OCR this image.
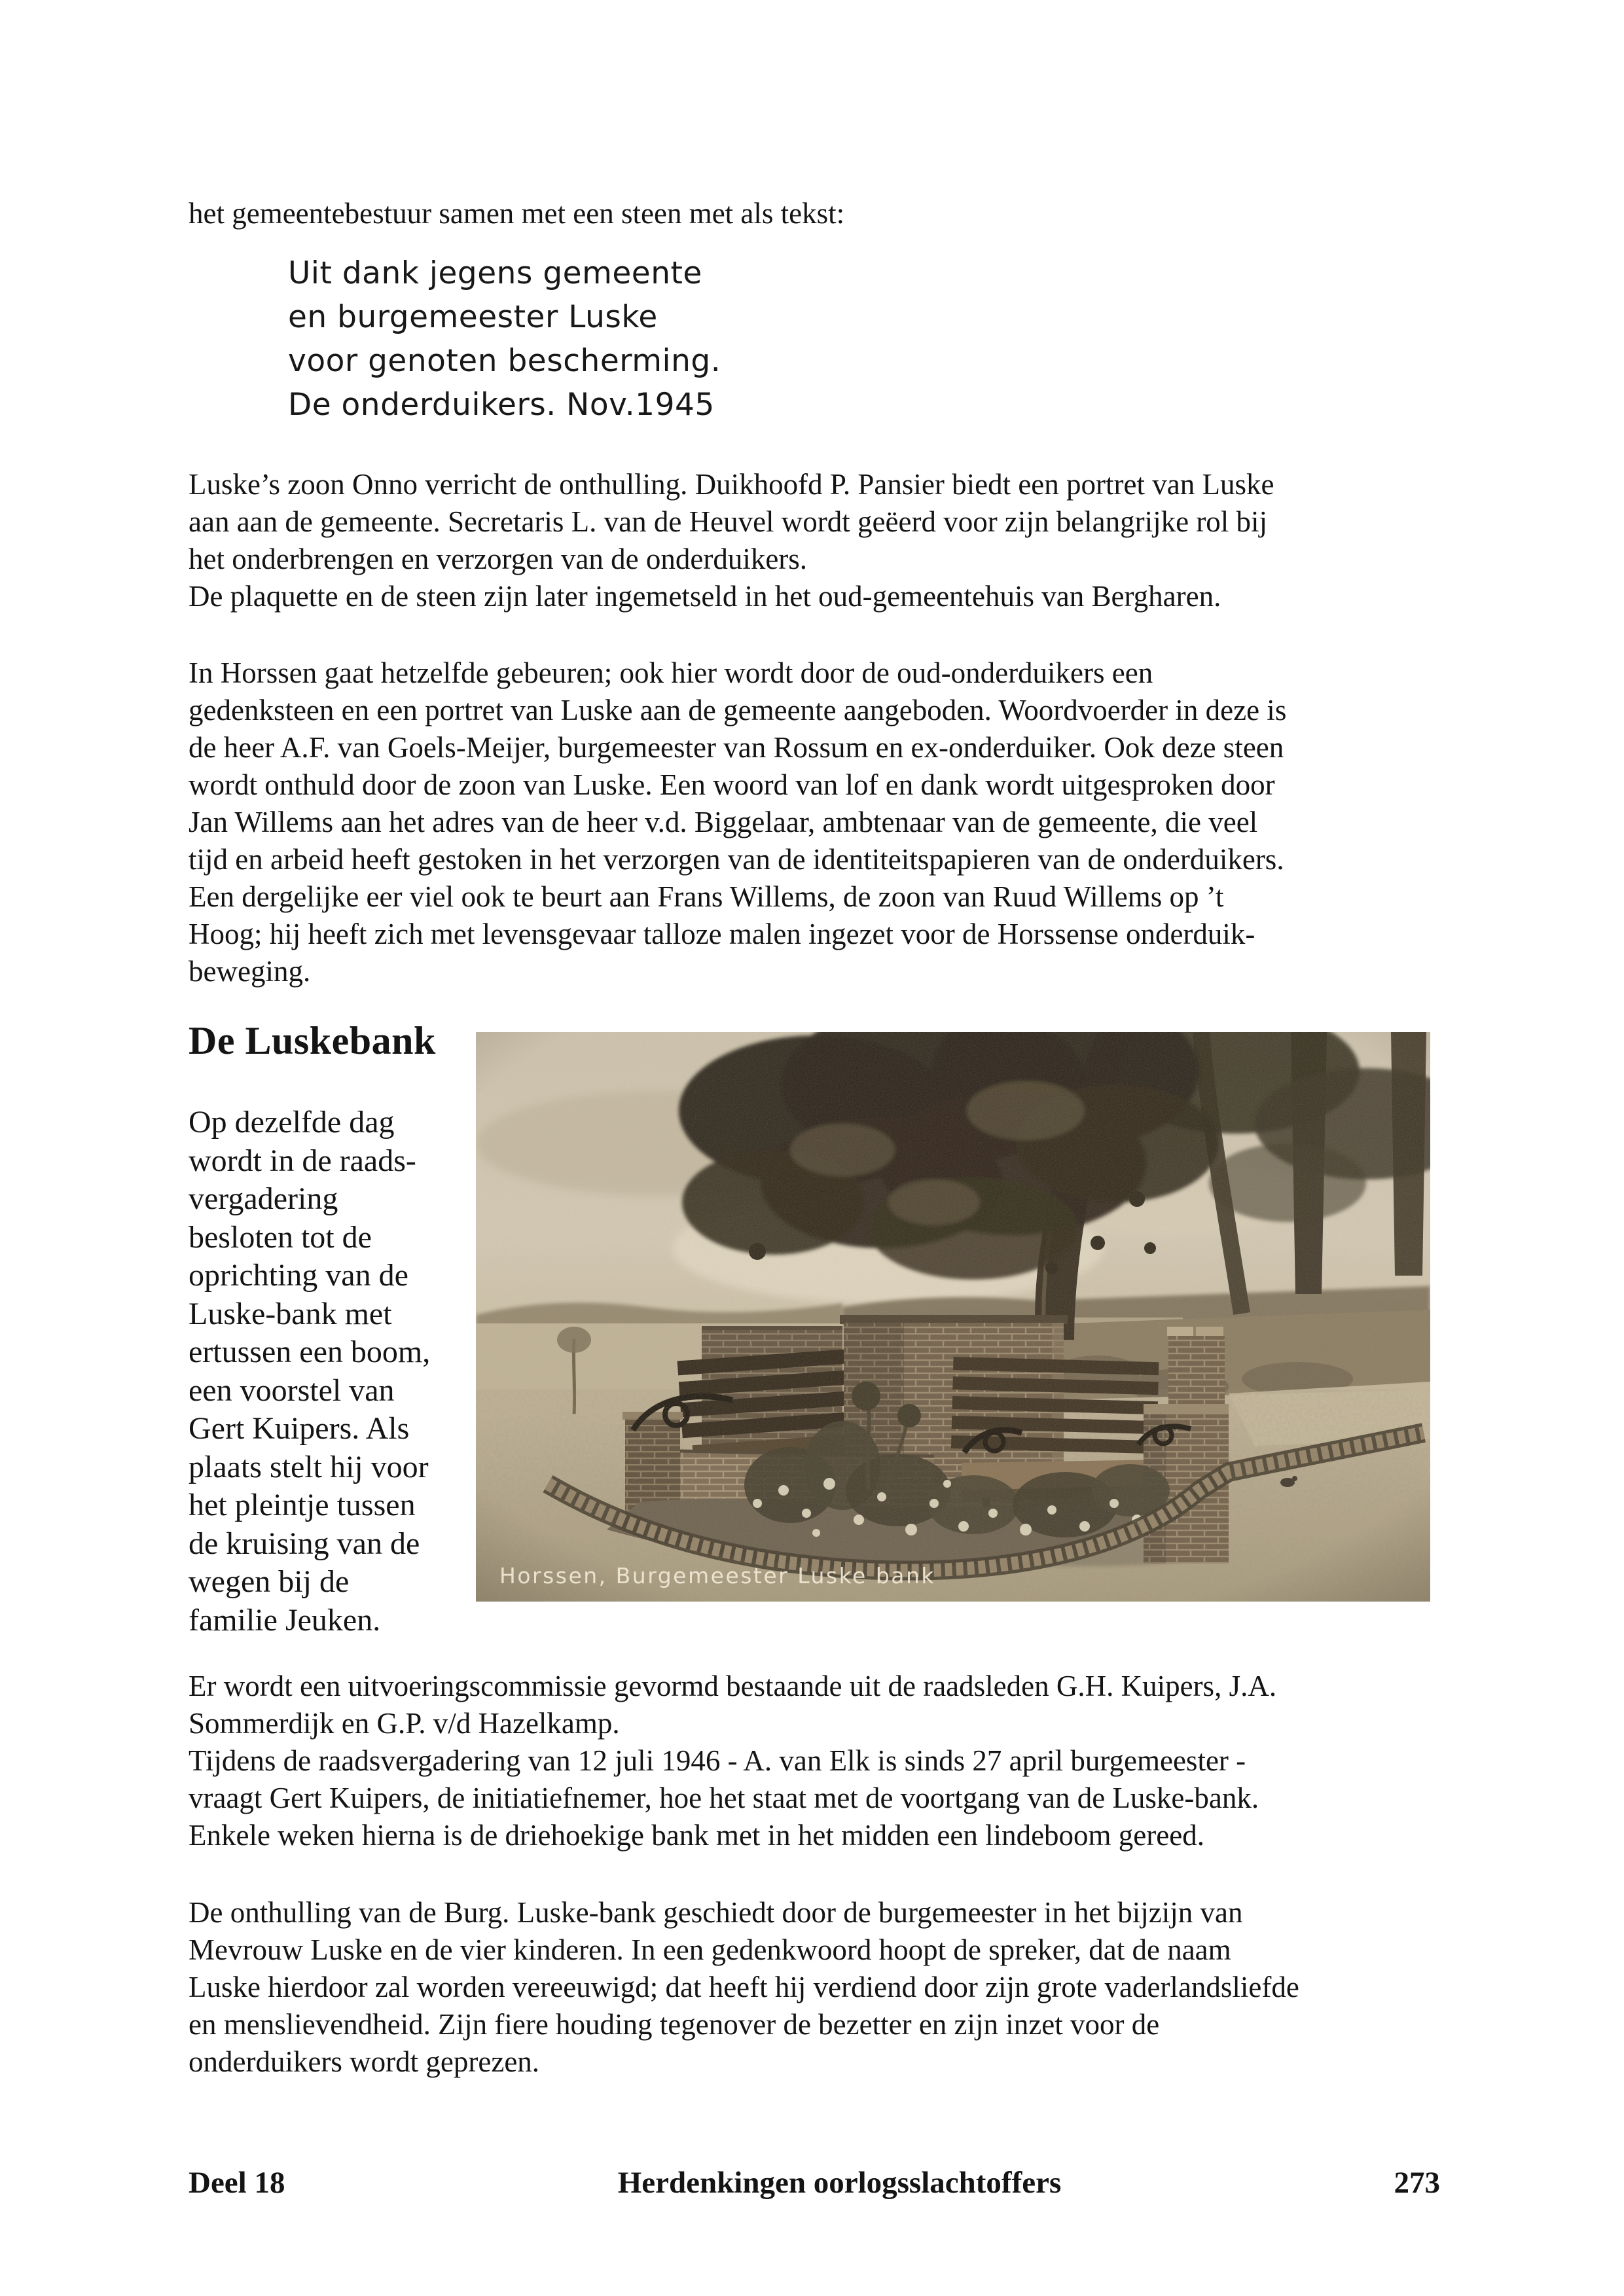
het gemeentebestuur samen met een steen met als tekst:
Uit dank jegens gemeente
en burgemeester Luske
voor genoten bescherming.
De onderduikers. Nov.1945
Luske’s zoon Onno verricht de onthulling. Duikhoofd P. Pansier biedt een portret van Luske
aan aan de gemeente. Secretaris L. van de Heuvel wordt geëerd voor zijn belangrijke rol bij
het onderbrengen en verzorgen van de onderduikers.
De plaquette en de steen zijn later ingemetseld in het oud-gemeentehuis van Bergharen.
In Horssen gaat hetzelfde gebeuren; ook hier wordt door de oud-onderduikers een
gedenksteen en een portret van Luske aan de gemeente aangeboden. Woordvoerder in deze is
de heer A.F. van Goels-Meijer, burgemeester van Rossum en ex-onderduiker. Ook deze steen
wordt onthuld door de zoon van Luske. Een woord van lof en dank wordt uitgesproken door
Jan Willems aan het adres van de heer v.d. Biggelaar, ambtenaar van de gemeente, die veel
tijd en arbeid heeft gestoken in het verzorgen van de identiteitspapieren van de onderduikers.
Een dergelijke eer viel ook te beurt aan Frans Willems, de zoon van Ruud Willems op ’t
Hoog; hij heeft zich met levensgevaar talloze malen ingezet voor de Horssense onderduik-
beweging.
De Luskebank
Op dezelfde dag
wordt in de raads-
vergadering
besloten tot de
oprichting van de
Luske-bank met
ertussen een boom,
een voorstel van
Gert Kuipers. Als
plaats stelt hij voor
het pleintje tussen
de kruising van de
wegen bij de
familie Jeuken.
Horssen, Burgemeester Luske bank
Er wordt een uitvoeringscommissie gevormd bestaande uit de raadsleden G.H. Kuipers, J.A.
Sommerdijk en G.P. v/d Hazelkamp.
Tijdens de raadsvergadering van 12 juli 1946 - A. van Elk is sinds 27 april burgemeester -
vraagt Gert Kuipers, de initiatiefnemer, hoe het staat met de voortgang van de Luske-bank.
Enkele weken hierna is de driehoekige bank met in het midden een lindeboom gereed.
De onthulling van de Burg. Luske-bank geschiedt door de burgemeester in het bijzijn van
Mevrouw Luske en de vier kinderen. In een gedenkwoord hoopt de spreker, dat de naam
Luske hierdoor zal worden vereeuwigd; dat heeft hij verdiend door zijn grote vaderlandsliefde
en menslievendheid. Zijn fiere houding tegenover de bezetter en zijn inzet voor de
onderduikers wordt geprezen.
Deel 18	Herdenkingen oorlogsslachtoffers	273
